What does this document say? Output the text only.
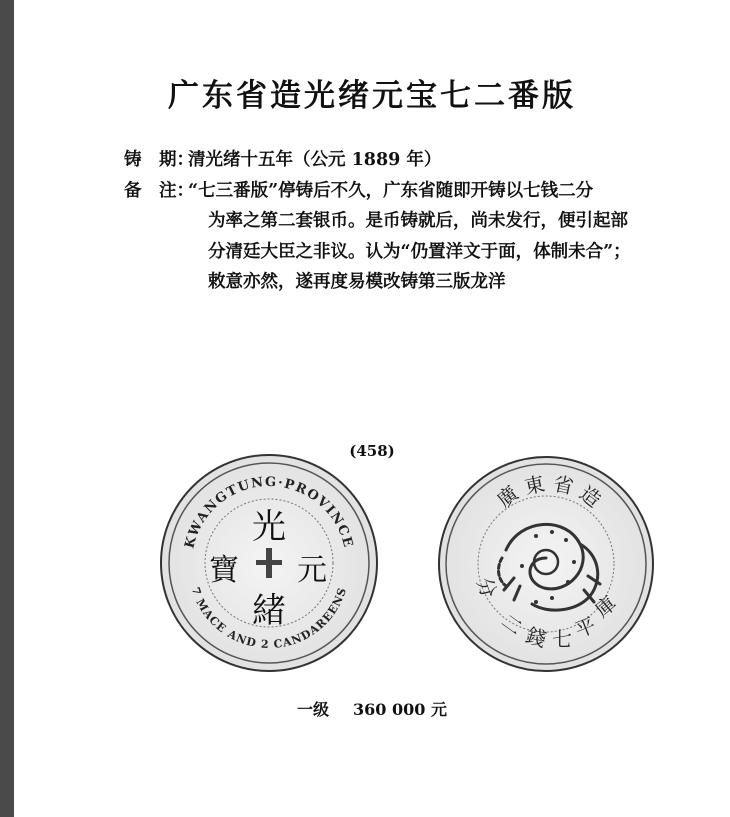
广东省造光绪元宝七二番版
铸　期：清光绪十五年（公元 1889 年）
备　注：“七三番版”停铸后不久，广东省随即开铸以七钱二分
为率之第二套银币。是币铸就后，尚未发行，便引起部
分清廷大臣之非议。认为“仍置洋文于面，体制未合”；
敕意亦然，遂再度易模改铸第三版龙洋
(458)
KWANGTUNG·PROVINCE
7 MACE AND 2 CANDAREENS
光
緒
元
寶
廣 東 省 造
庫
平
七
錢
二
分
一级 360 000 元
